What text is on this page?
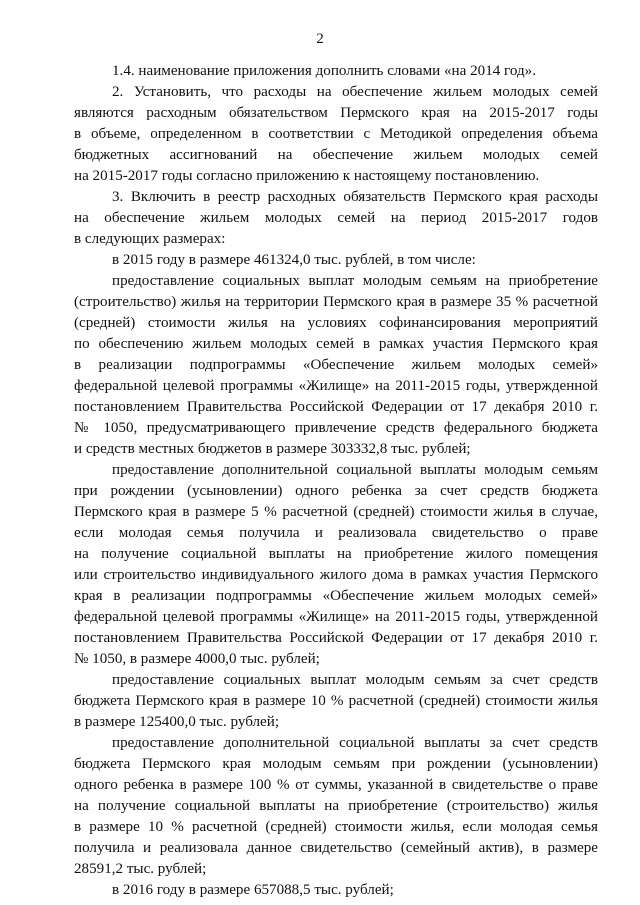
2
1.4. наименование приложения дополнить словами «на 2014 год».
2. Установить, что расходы на обеспечение жильем молодых семей
являются расходным обязательством Пермского края на 2015-2017 годы
в объеме, определенном в соответствии с Методикой определения объема
бюджетных ассигнований на обеспечение жильем молодых семей
на 2015-2017 годы согласно приложению к настоящему постановлению.
3. Включить в реестр расходных обязательств Пермского края расходы
на обеспечение жильем молодых семей на период 2015-2017 годов
в следующих размерах:
в 2015 году в размере 461324,0 тыс. рублей, в том числе:
предоставление социальных выплат молодым семьям на приобретение
(строительство) жилья на территории Пермского края в размере 35 % расчетной
(средней) стоимости жилья на условиях софинансирования мероприятий
по обеспечению жильем молодых семей в рамках участия Пермского края
в реализации подпрограммы «Обеспечение жильем молодых семей»
федеральной целевой программы «Жилище» на 2011-2015 годы, утвержденной
постановлением Правительства Российской Федерации от 17 декабря 2010 г.
№ 1050, предусматривающего привлечение средств федерального бюджета
и средств местных бюджетов в размере 303332,8 тыс. рублей;
предоставление дополнительной социальной выплаты молодым семьям
при рождении (усыновлении) одного ребенка за счет средств бюджета
Пермского края в размере 5 % расчетной (средней) стоимости жилья в случае,
если молодая семья получила и реализовала свидетельство о праве
на получение социальной выплаты на приобретение жилого помещения
или строительство индивидуального жилого дома в рамках участия Пермского
края в реализации подпрограммы «Обеспечение жильем молодых семей»
федеральной целевой программы «Жилище» на 2011-2015 годы, утвержденной
постановлением Правительства Российской Федерации от 17 декабря 2010 г.
№ 1050, в размере 4000,0 тыс. рублей;
предоставление социальных выплат молодым семьям за счет средств
бюджета Пермского края в размере 10 % расчетной (средней) стоимости жилья
в размере 125400,0 тыс. рублей;
предоставление дополнительной социальной выплаты за счет средств
бюджета Пермского края молодым семьям при рождении (усыновлении)
одного ребенка в размере 100 % от суммы, указанной в свидетельстве о праве
на получение социальной выплаты на приобретение (строительство) жилья
в размере 10 % расчетной (средней) стоимости жилья, если молодая семья
получила и реализовала данное свидетельство (семейный актив), в размере
28591,2 тыс. рублей;
в 2016 году в размере 657088,5 тыс. рублей;
